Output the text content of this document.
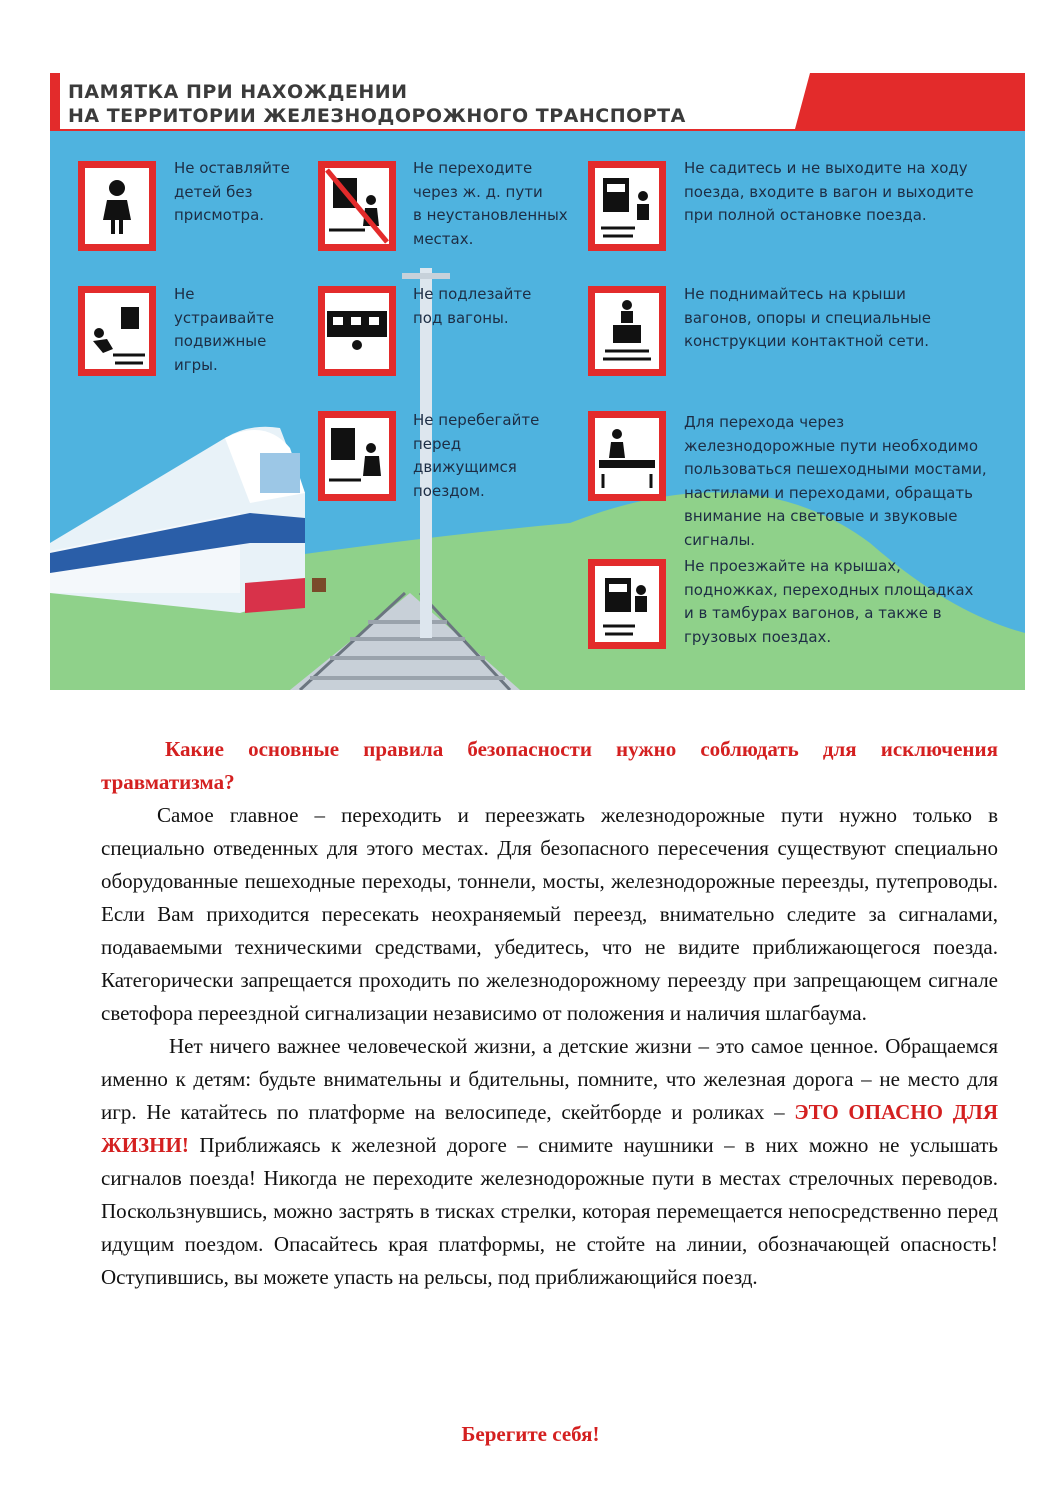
ПАМЯТКА ПРИ НАХОЖДЕНИИ
НА ТЕРРИТОРИИ ЖЕЛЕЗНОДОРОЖНОГО ТРАНСПОРТА
Не оставляйте
детей без
присмотра.
Не
устраивайте
подвижные
игры.
Не переходите
через ж. д. пути
в неустановленных
местах.
Не подлезайте
под вагоны.
Не перебегайте
перед
движущимся
поездом.
Не садитесь и не выходите на ходу
поезда, входите в вагон и выходите
при полной остановке поезда.
Не поднимайтесь на крыши
вагонов, опоры и специальные
конструкции контактной сети.
Для перехода через
железнодорожные пути необходимо
пользоваться пешеходными мостами,
настилами и переходами, обращать
внимание на световые и звуковые
сигналы.
Не проезжайте на крышах,
подножках, переходных площадках
и в тамбурах вагонов, а также в
грузовых поездах.

Какие основные правила безопасности нужно соблюдать для исключения травматизма?

Самое главное – переходить и переезжать железнодорожные пути нужно только в специально отведенных для этого местах. Для безопасного пересечения существуют специально оборудованные пешеходные переходы, тоннели, мосты, железнодорожные переезды, путепроводы. Если Вам приходится пересекать неохраняемый переезд, внимательно следите за сигналами, подаваемыми техническими средствами, убедитесь, что не видите приближающегося поезда. Категорически запрещается проходить по железнодорожному переезду при запрещающем сигнале светофора переездной сигнализации независимо от положения и наличия шлагбаума.

Нет ничего важнее человеческой жизни, а детские жизни – это самое ценное. Обращаемся именно к детям: будьте внимательны и бдительны, помните, что железная дорога – не место для игр. Не катайтесь по платформе на велосипеде, скейтборде и роликах – ЭТО ОПАСНО ДЛЯ ЖИЗНИ! Приближаясь к железной дороге – снимите наушники – в них можно не услышать сигналов поезда! Никогда не переходите железнодорожные пути в местах стрелочных переводов. Поскользнувшись, можно застрять в тисках стрелки, которая перемещается непосредственно перед идущим поездом. Опасайтесь края платформы, не стойте на линии, обозначающей опасность! Оступившись, вы можете упасть на рельсы, под приближающийся поезд.

Берегите себя!
